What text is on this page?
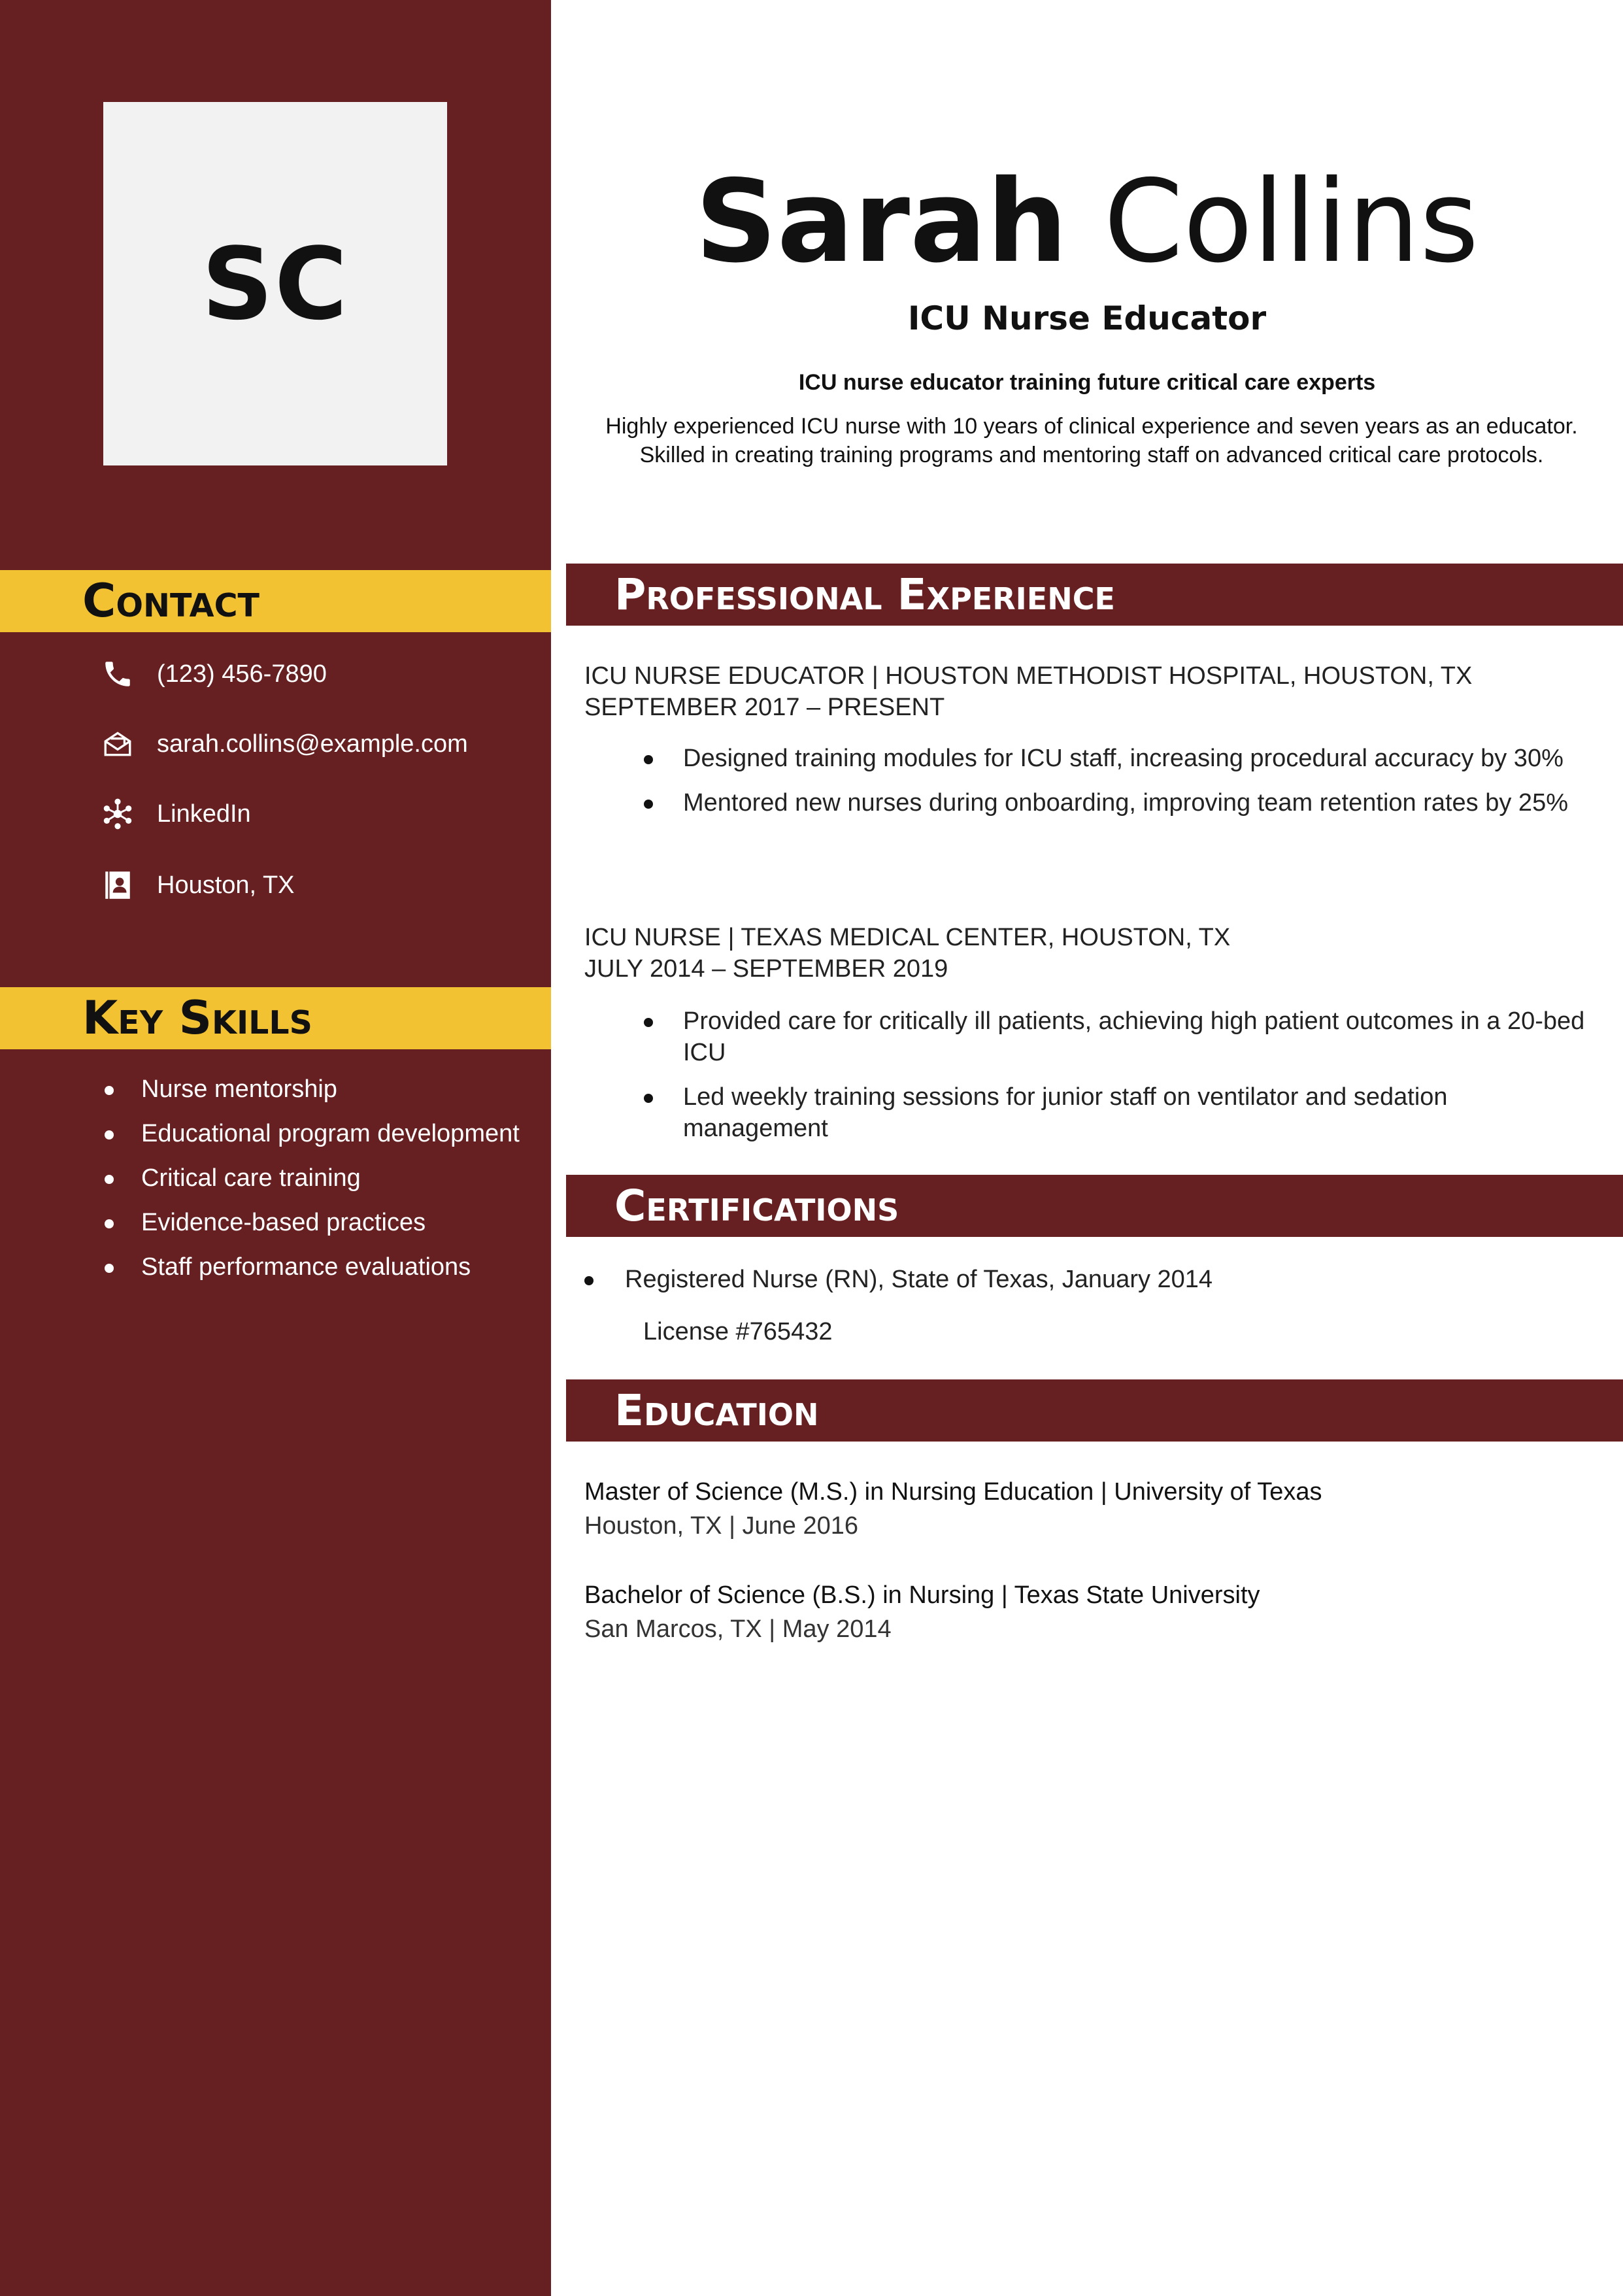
SC
Contact
(123) 456-7890
sarah.collins@example.com
LinkedIn
Houston, TX
Key Skills
Nurse mentorship
Educational program development
Critical care training
Evidence-based practices
Staff performance evaluations
Sarah Collins
ICU Nurse Educator
ICU nurse educator training future critical care experts
Highly experienced ICU nurse with 10 years of clinical experience and seven years as an educator. Skilled in creating training programs and mentoring staff on advanced critical care protocols.
Professional Experience
ICU NURSE EDUCATOR | HOUSTON METHODIST HOSPITAL, HOUSTON, TX
SEPTEMBER 2017 – PRESENT
Designed training modules for ICU staff, increasing procedural accuracy by 30%
Mentored new nurses during onboarding, improving team retention rates by 25%
ICU NURSE | TEXAS MEDICAL CENTER, HOUSTON, TX
JULY 2014 – SEPTEMBER 2019
Provided care for critically ill patients, achieving high patient outcomes in a 20-bed ICU
Led weekly training sessions for junior staff on ventilator and sedation management
Certifications
Registered Nurse (RN), State of Texas, January 2014
License #765432
Education
Master of Science (M.S.) in Nursing Education | University of Texas
Houston, TX | June 2016
Bachelor of Science (B.S.) in Nursing | Texas State University
San Marcos, TX | May 2014
